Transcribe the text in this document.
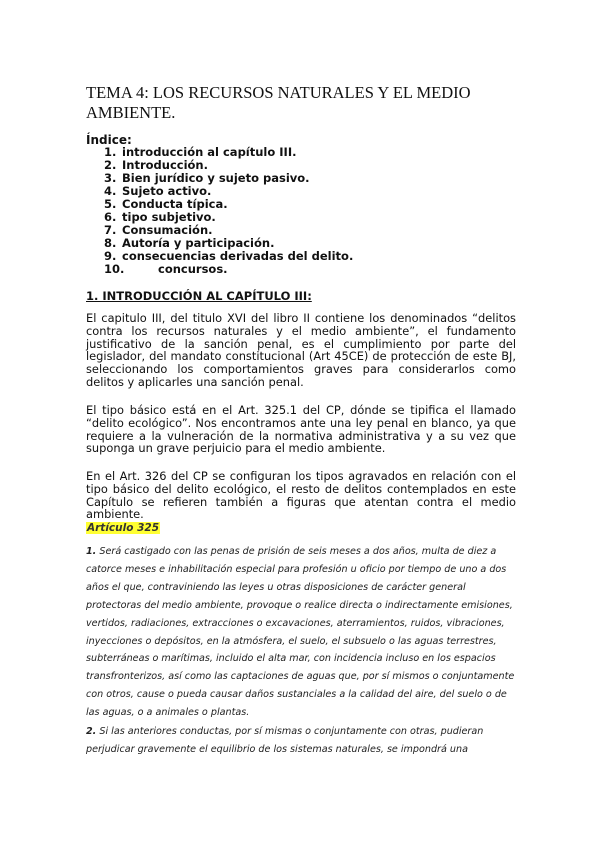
TEMA 4: LOS RECURSOS NATURALES Y EL MEDIO AMBIENTE.

Índice:

1. introducción al capítulo III.
2. Introducción.
3. Bien jurídico y sujeto pasivo.
4. Sujeto activo.
5. Conducta típica.
6. tipo subjetivo.
7. Consumación.
8. Autoría y participación.
9. consecuencias derivadas del delito.
10.	concursos.

1. INTRODUCCIÓN AL CAPÍTULO III:

El capitulo III, del titulo XVI del libro II contiene los denominados “delitos contra los recursos naturales y el medio ambiente”, el fundamento justificativo de la sanción penal, es el cumplimiento por parte del legislador, del mandato constitucional (Art 45CE) de protección de este BJ, seleccionando los comportamientos graves para considerarlos como delitos y aplicarles una sanción penal.

El tipo básico está en el Art. 325.1 del CP, dónde se tipifica el llamado “delito ecológico”. Nos encontramos ante una ley penal en blanco, ya que requiere a la vulneración de la normativa administrativa y a su vez que suponga un grave perjuicio para el medio ambiente.

En el Art. 326 del CP se configuran los tipos agravados en relación con el tipo básico del delito ecológico, el resto de delitos contemplados en este Capítulo se refieren también a figuras que atentan contra el medio ambiente.

Artículo 325

1. Será castigado con las penas de prisión de seis meses a dos años, multa de diez a catorce meses e inhabilitación especial para profesión u oficio por tiempo de uno a dos años el que, contraviniendo las leyes u otras disposiciones de carácter general protectoras del medio ambiente, provoque o realice directa o indirectamente emisiones, vertidos, radiaciones, extracciones o excavaciones, aterramientos, ruidos, vibraciones, inyecciones o depósitos, en la atmósfera, el suelo, el subsuelo o las aguas terrestres, subterráneas o marítimas, incluido el alta mar, con incidencia incluso en los espacios transfronterizos, así como las captaciones de aguas que, por sí mismos o conjuntamente con otros, cause o pueda causar daños sustanciales a la calidad del aire, del suelo o de las aguas, o a animales o plantas.

2. Si las anteriores conductas, por sí mismas o conjuntamente con otras, pudieran perjudicar gravemente el equilibrio de los sistemas naturales, se impondrá una
